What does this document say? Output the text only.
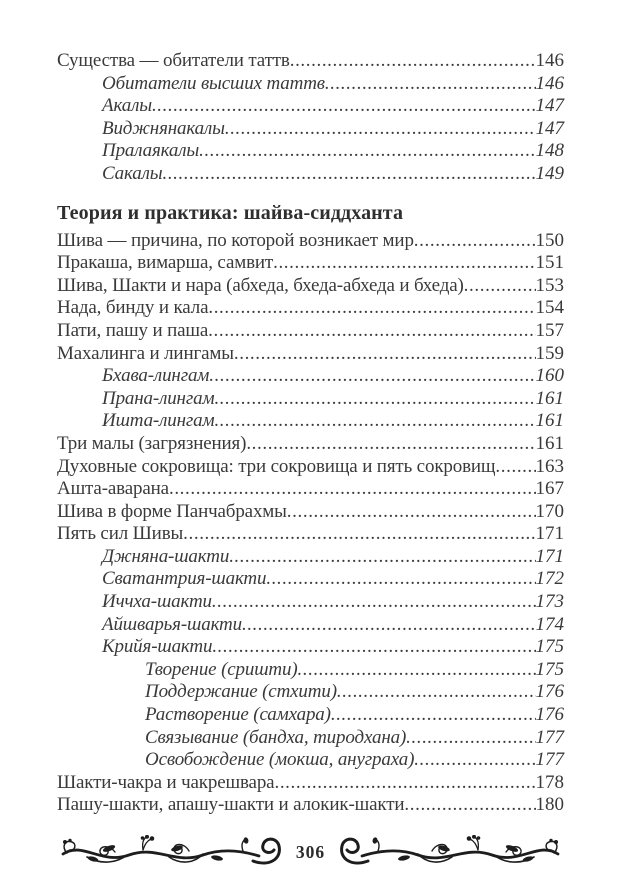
Существа — обитатели таттв .....	146
Обитатели высших таттв .....	146
Акалы .....	147
Виджнянакалы .....	147
Пралаякалы .....	148
Сакалы .....	149
Теория и практика: шайва-сиддханта
Шива — причина, по которой возникает мир .....	150
Пракаша, вимарша, самвит .....	151
Шива, Шакти и нара (абхеда, бхеда-абхеда и бхеда) .....	153
Нада, бинду и кала .....	154
Пати, пашу и паша .....	157
Махалинга и лингамы .....	159
Бхава-лингам .....	160
Прана-лингам .....	161
Ишта-лингам .....	161
Три малы (загрязнения) .....	161
Духовные сокровища: три сокровища и пять сокровищ ..... 163
Ашта-аварана .....	167
Шива в форме Панчабрахмы .....	170
Пять сил Шивы .....	171
Джняна-шакти .....	171
Сватантрия-шакти .....	172
Иччха-шакти .....	173
Айшварья-шакти .....	174
Крийя-шакти .....	175
Творение (сришти) .....	175
Поддержание (стхити) .....	176
Растворение (самхара) .....	176
Связывание (бандха, тиродхана) .....	177
Освобождение (мокша, ануграха) .....	177
Шакти-чакра и чакрешвара .....	178
Пашу-шакти, апашу-шакти и алокик-шакти .....	180
306
